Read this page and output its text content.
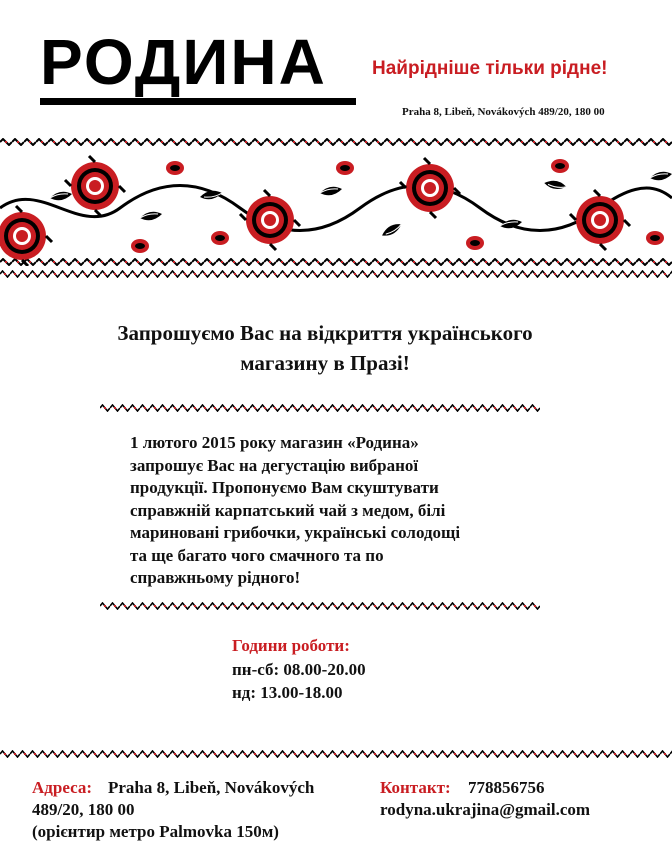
РОДИНА Найрідніше тільки рідне!
Praha 8, Libeň, Novákových 489/20, 180 00
Запрошуємо Вас на відкриття українського
магазину в Празі!
1 лютого 2015 року магазин «Родина»
запрошує Вас на дегустацію вибраної
продукції. Пропонуємо Вам скуштувати
справжній карпатський чай з медом, білі
мариновані грибочки, українські солодощі
та ще багато чого смачного та по
справжньому рідного!
Години роботи:
пн-сб: 08.00-20.00
нд: 13.00-18.00
Адреса: Praha 8, Libeň, Novákových
489/20, 180 00
(орієнтир метро Palmovka 150м)
Контакт: 778856756
rodyna.ukrajina@gmail.com
